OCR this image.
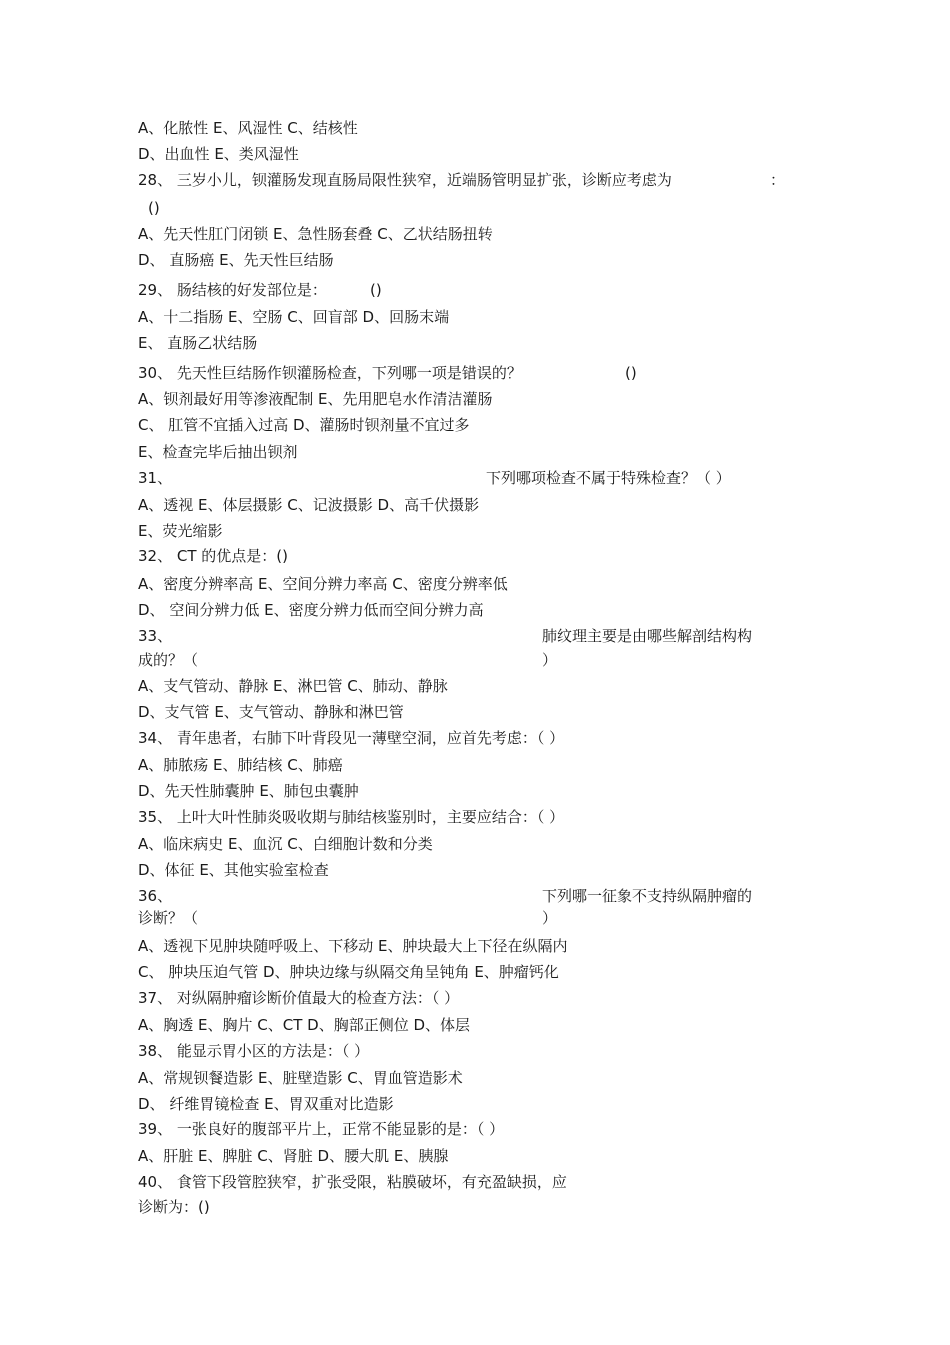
A、化脓性 E、风湿性 C、结核性
D、出血性 E、类风湿性
28、 三岁小儿，钡灌肠发现直肠局限性狭窄，近端肠管明显扩张，诊断应考虑为	：
()
A、先天性肛门闭锁 E、急性肠套叠 C、乙状结肠扭转
D、 直肠癌 E、先天性巨结肠
29、 肠结核的好发部位是：	()
A、十二指肠 E、空肠 C、回盲部 D、回肠末端
E、 直肠乙状结肠
30、 先天性巨结肠作钡灌肠检查，下列哪一项是错误的？	()
A、钡剂最好用等渗液配制 E、先用肥皂水作清洁灌肠
C、 肛管不宜插入过高 D、灌肠时钡剂量不宜过多
E、检查完毕后抽出钡剂
31、	下列哪项检查不属于特殊检查？（ ）
A、透视 E、体层摄影 C、记波摄影 D、高千伏摄影
E、荧光缩影
32、 CT 的优点是：()
A、密度分辨率高 E、空间分辨力率高 C、密度分辨率低
D、 空间分辨力低 E、密度分辨力低而空间分辨力高
33、	肺纹理主要是由哪些解剖结构构
成的？（	）
A、支气管动、静脉 E、淋巴管 C、肺动、静脉
D、支气管 E、支气管动、静脉和淋巴管
34、 青年患者，右肺下叶背段见一薄壁空洞，应首先考虑：（ ）
A、肺脓疡 E、肺结核 C、肺癌
D、先天性肺囊肿 E、肺包虫囊肿
35、 上叶大叶性肺炎吸收期与肺结核鉴别时，主要应结合：（ ）
A、临床病史 E、血沉 C、白细胞计数和分类
D、体征 E、其他实验室检查
36、	下列哪一征象不支持纵隔肿瘤的
诊断？（	）
A、透视下见肿块随呼吸上、下移动 E、肿块最大上下径在纵隔内
C、 肿块压迫气管 D、肿块边缘与纵隔交角呈钝角 E、肿瘤钙化
37、 对纵隔肿瘤诊断价值最大的检查方法：（ ）
A、胸透 E、胸片 C、CT D、胸部正侧位 D、体层
38、 能显示胃小区的方法是：（ ）
A、常规钡餐造影 E、脏壁造影 C、胃血管造影术
D、 纤维胃镜检查 E、胃双重对比造影
39、 一张良好的腹部平片上，正常不能显影的是：（ ）
A、肝脏 E、脾脏 C、肾脏 D、腰大肌 E、胰腺
40、 食管下段管腔狭窄，扩张受限，粘膜破坏，有充盈缺损，应
诊断为：()
